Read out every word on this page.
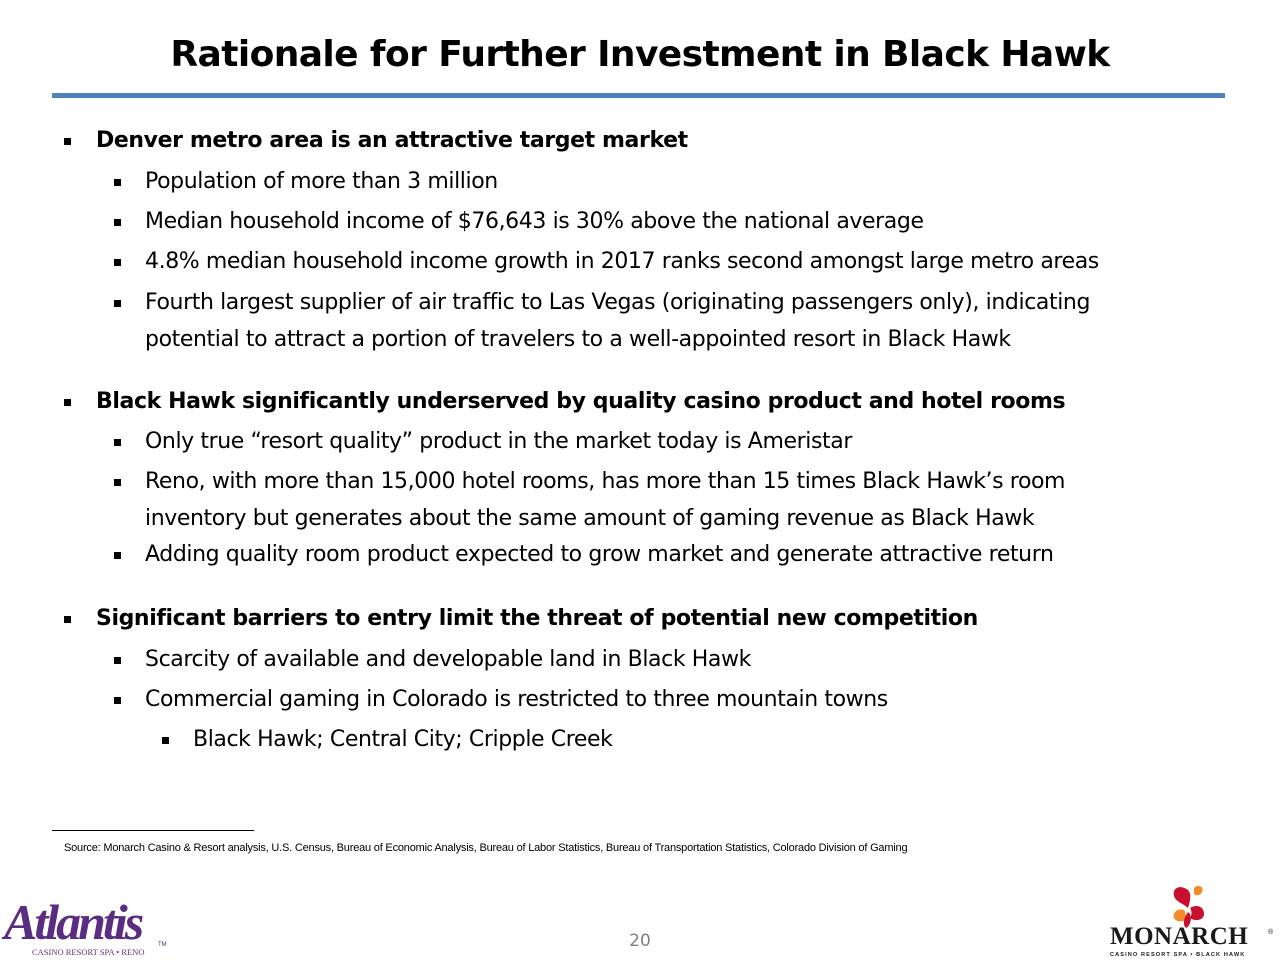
Rationale for Further Investment in Black Hawk
Denver metro area is an attractive target market
Population of more than 3 million
Median household income of $76,643 is 30% above the national average
4.8% median household income growth in 2017 ranks second amongst large metro areas
Fourth largest supplier of air traffic to Las Vegas (originating passengers only), indicating
potential to attract a portion of travelers to a well-appointed resort in Black Hawk
Black Hawk significantly underserved by quality casino product and hotel rooms
Only true “resort quality” product in the market today is Ameristar
Reno, with more than 15,000 hotel rooms, has more than 15 times Black Hawk’s room
inventory but generates about the same amount of gaming revenue as Black Hawk
Adding quality room product expected to grow market and generate attractive return
Significant barriers to entry limit the threat of potential new competition
Scarcity of available and developable land in Black Hawk
Commercial gaming in Colorado is restricted to three mountain towns
Black Hawk; Central City; Cripple Creek
Source: Monarch Casino & Resort analysis, U.S. Census, Bureau of Economic Analysis, Bureau of Labor Statistics, Bureau of Transportation Statistics, Colorado Division of Gaming
20
Atlantis	TM
CASINO RESORT SPA • RENO
MONARCH	®
CASINO RESORT SPA • BLACK HAWK
